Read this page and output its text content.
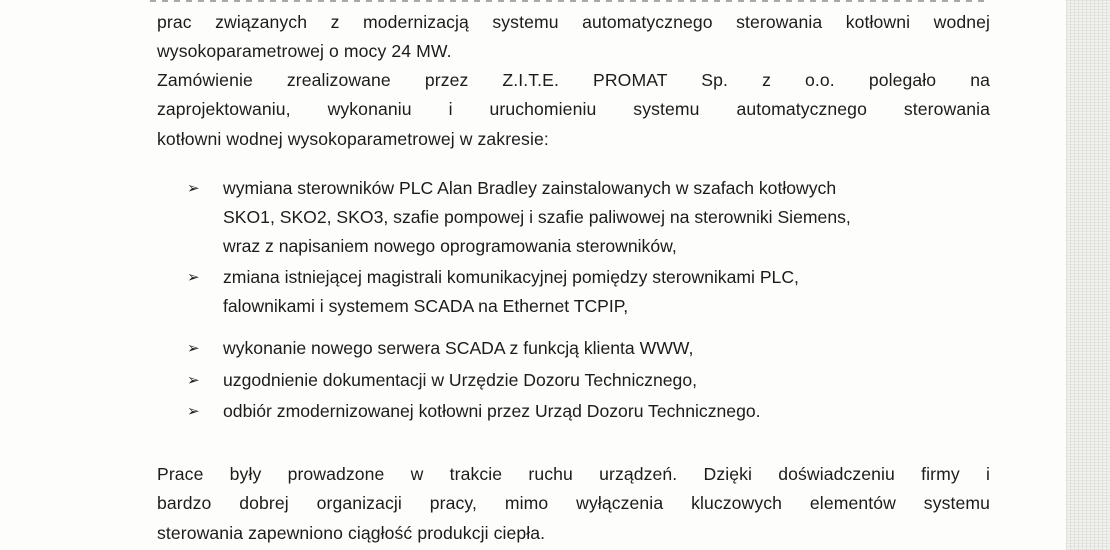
prac związanych z modernizacją systemu automatycznego sterowania kotłowni wodnej
wysokoparametrowej o mocy 24 MW.
Zamówienie zrealizowane przez Z.I.T.E. PROMAT Sp. z o.o. polegało na
zaprojektowaniu, wykonaniu i uruchomieniu systemu automatycznego sterowania
kotłowni wodnej wysokoparametrowej w zakresie:
➢	wymiana sterowników PLC Alan Bradley zainstalowanych w szafach kotłowych
SKO1, SKO2, SKO3, szafie pompowej i szafie paliwowej na sterowniki Siemens,
wraz z napisaniem nowego oprogramowania sterowników,
➢	zmiana istniejącej magistrali komunikacyjnej pomiędzy sterownikami PLC,
falownikami i systemem SCADA na Ethernet TCPIP,
➢	wykonanie nowego serwera SCADA z funkcją klienta WWW,
➢	uzgodnienie dokumentacji w Urzędzie Dozoru Technicznego,
➢	odbiór zmodernizowanej kotłowni przez Urząd Dozoru Technicznego.
Prace były prowadzone w trakcie ruchu urządzeń. Dzięki doświadczeniu firmy i
bardzo dobrej organizacji pracy, mimo wyłączenia kluczowych elementów systemu
sterowania zapewniono ciągłość produkcji ciepła.
